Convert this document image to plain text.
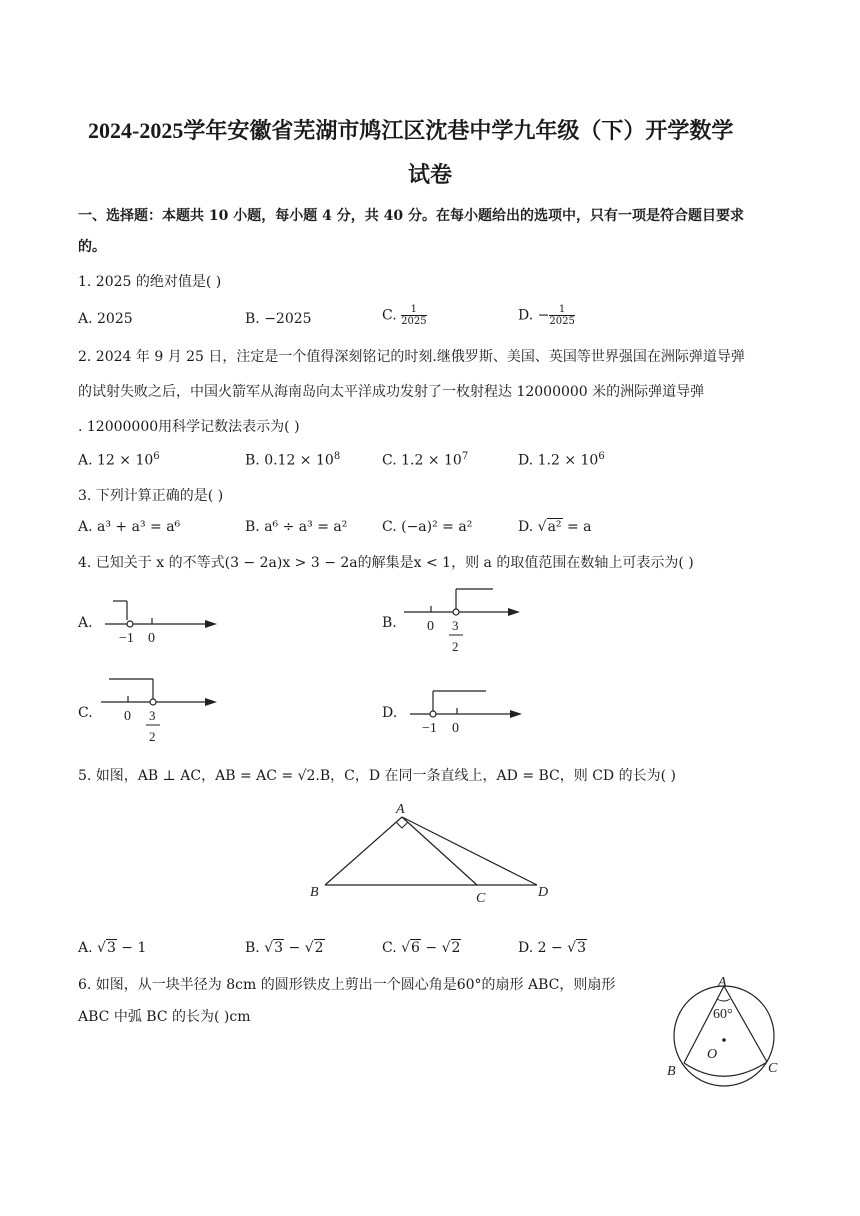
2024-2025学年安徽省芜湖市鸠江区沈巷中学九年级（下）开学数学
试卷
一、选择题：本题共 10 小题，每小题 4 分，共 40 分。在每小题给出的选项中，只有一项是符合题目要求
的。
1. 2025 的绝对值是( )
A. 2025	B. −2025	C. $\frac{1}{2025}$	D. − $\frac{1}{2025}$
2. 2024 年 9 月 25 日，注定是一个值得深刻铭记的时刻.继俄罗斯、美国、英国等世界强国在洲际弹道导弹
的试射失败之后，中国火箭军从海南岛向太平洋成功发射了一枚射程达 12000000 米的洲际弹道导弹
. 12000000用科学记数法表示为( )
A. $12 \times 10^6$	B. $0.12 \times 10^8$	C. $1.2 \times 10^7$	D. $1.2 \times 10^6$
3. 下列计算正确的是( )
A. a³ + a³ = a⁶	B. a⁶ ÷ a³ = a² C. (−a)² = a²	D. √a² = a
4. 已知关于 x 的不等式(3 − 2a)x > 3 − 2a的解集是x < 1，则 a 的取值范围在数轴上可表示为( )
A.
−1 0
B. 0 3
2
C. 0 3
2
D.
−1 0
5. 如图，AB ⊥ AC，AB = AC = √2.B，C，D 在同一条直线上，AD = BC，则 CD 的长为( )
A
B	C	D
A. √3 − 1	B. √3 − √2	C. √6 − √2	D. 2 − √3
6. 如图，从一块半径为 8cm 的圆形铁皮上剪出一个圆心角是60°的扇形 ABC，则扇形
ABC 中弧 BC 的长为( )cm
A
B	C
O
60°
